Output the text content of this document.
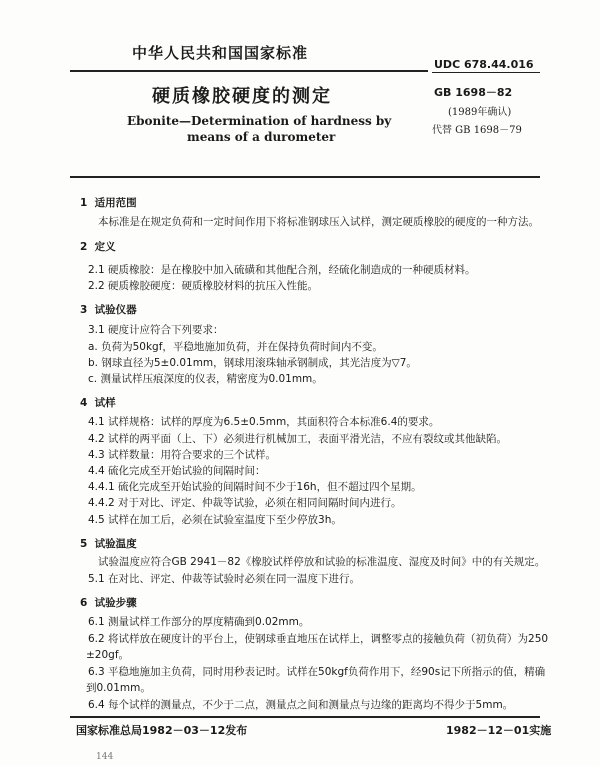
中华人民共和国国家标准
UDC 678.44.016
硬质橡胶硬度的测定	GB 1698－82
(1989年确认)
代替 GB 1698－79
Ebonite—Determination of hardness by
means of a durometer
1 适用范围
本标准是在规定负荷和一定时间作用下将标准钢球压入试样，测定硬质橡胶的硬度的一种方法。
2 定义
2.1 硬质橡胶：是在橡胶中加入硫磺和其他配合剂，经硫化制造成的一种硬质材料。
2.2 硬质橡胶硬度：硬质橡胶材料的抗压入性能。
3 试验仪器
3.1 硬度计应符合下列要求：
a. 负荷为50kgf，平稳地施加负荷，并在保持负荷时间内不变。
b. 钢球直径为5±0.01mm，钢球用滚珠轴承钢制成，其光洁度为▽7。
c. 测量试样压痕深度的仪表，精密度为0.01mm。
4 试样
4.1 试样规格：试样的厚度为6.5±0.5mm，其面积符合本标准6.4的要求。
4.2 试样的两平面（上、下）必须进行机械加工，表面平滑光洁，不应有裂纹或其他缺陷。
4.3 试样数量：用符合要求的三个试样。
4.4 硫化完成至开始试验的间隔时间：
4.4.1 硫化完成至开始试验的间隔时间不少于16h，但不超过四个星期。
4.4.2 对于对比、评定、仲裁等试验，必须在相同间隔时间内进行。
4.5 试样在加工后，必须在试验室温度下至少停放3h。
5 试验温度
试验温度应符合GB 2941－82《橡胶试样停放和试验的标准温度、湿度及时间》中的有关规定。
5.1 在对比、评定、仲裁等试验时必须在同一温度下进行。
6 试验步骤
6.1 测量试样工作部分的厚度精确到0.02mm。
6.2 将试样放在硬度计的平台上，使钢球垂直地压在试样上，调整零点的接触负荷（初负荷）为250
±20gf。
6.3 平稳地施加主负荷，同时用秒表记时。试样在50kgf负荷作用下，经90s记下所指示的值，精确
到0.01mm。
6.4 每个试样的测量点，不少于二点，测量点之间和测量点与边缘的距离均不得少于5mm。
国家标准总局1982－03－12发布	1982－12－01实施
144
